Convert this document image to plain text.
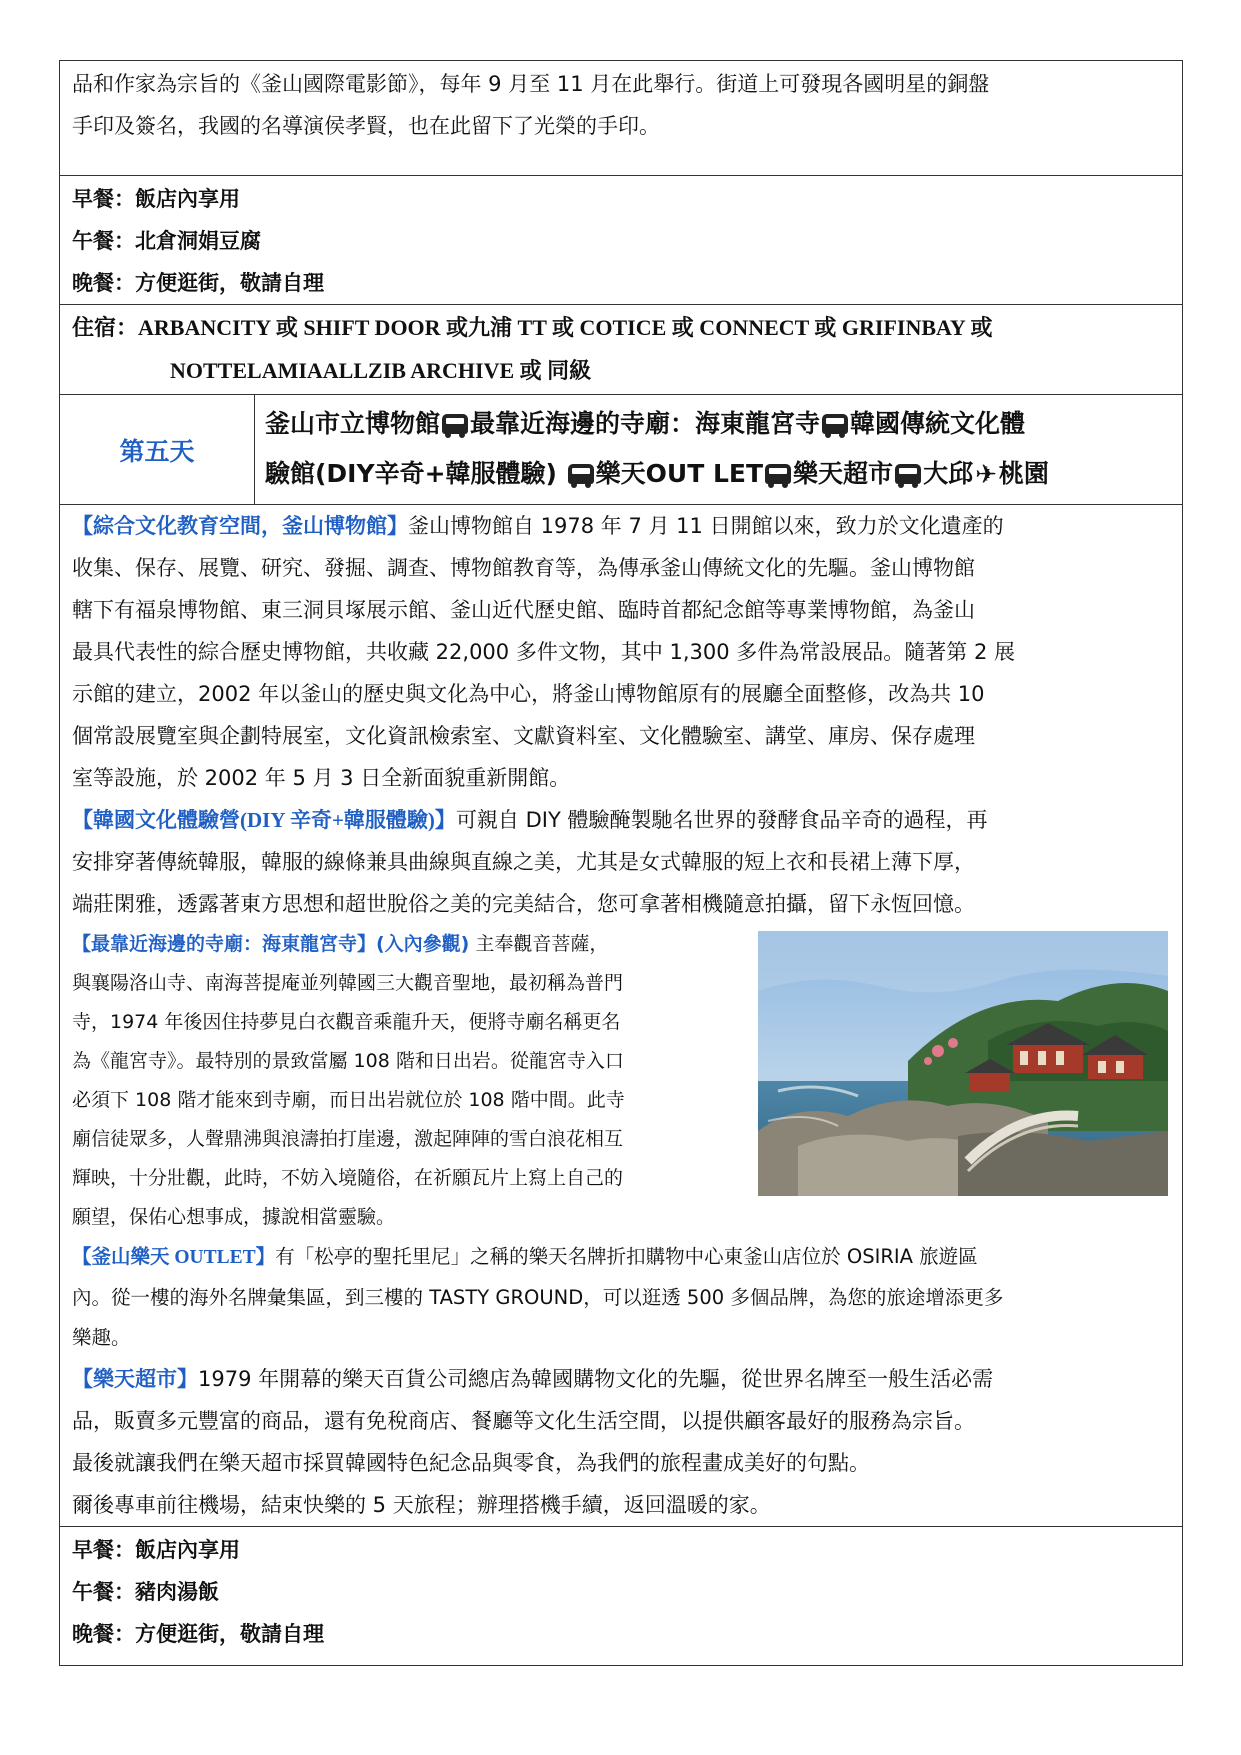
品和作家為宗旨的《釜山國際電影節》，每年 9 月至 11 月在此舉行。街道上可發現各國明星的銅盤

手印及簽名，我國的名導演侯孝賢，也在此留下了光榮的手印。

早餐：飯店內享用

午餐：北倉洞娟豆腐

晚餐：方便逛街，敬請自理

住宿：ARBANCITY 或 SHIFT DOOR 或九浦 TT 或 COTICE 或 CONNECT 或 GRIFINBAY 或

NOTTELAMIAALLZIB ARCHIVE 或 同級

第五天
釜山市立博物館 最靠近海邊的寺廟：海東龍宮寺 韓國傳統文化體
驗館(DIY辛奇+韓服體驗) 樂天OUT LET 樂天超市 大邱✈桃園

【綜合文化教育空間，釜山博物館】釜山博物館自 1978 年 7 月 11 日開館以來，致力於文化遺產的

收集、保存、展覽、研究、發掘、調查、博物館教育等，為傳承釜山傳統文化的先驅。釜山博物館

轄下有福泉博物館、東三洞貝塚展示館、釜山近代歷史館、臨時首都紀念館等專業博物館，為釜山

最具代表性的綜合歷史博物館，共收藏 22,000 多件文物，其中 1,300 多件為常設展品。隨著第 2 展

示館的建立，2002 年以釜山的歷史與文化為中心，將釜山博物館原有的展廳全面整修，改為共 10

個常設展覽室與企劃特展室，文化資訊檢索室、文獻資料室、文化體驗室、講堂、庫房、保存處理

室等設施，於 2002 年 5 月 3 日全新面貌重新開館。

【韓國文化體驗營(DIY 辛奇+韓服體驗)】可親自 DIY 體驗醃製馳名世界的發酵食品辛奇的過程，再

安排穿著傳統韓服，韓服的線條兼具曲線與直線之美，尤其是女式韓服的短上衣和長裙上薄下厚，

端莊閑雅，透露著東方思想和超世脫俗之美的完美結合，您可拿著相機隨意拍攝，留下永恆回憶。

【最靠近海邊的寺廟：海東龍宮寺】(入內參觀) 主奉觀音菩薩，

與襄陽洛山寺、南海菩提庵並列韓國三大觀音聖地，最初稱為普門

寺，1974 年後因住持夢見白衣觀音乘龍升天，便將寺廟名稱更名

為《龍宮寺》。最特別的景致當屬 108 階和日出岩。從龍宮寺入口

必須下 108 階才能來到寺廟，而日出岩就位於 108 階中間。此寺

廟信徒眾多，人聲鼎沸與浪濤拍打崖邊，激起陣陣的雪白浪花相互

輝映，十分壯觀，此時，不妨入境隨俗，在祈願瓦片上寫上自己的

願望，保佑心想事成，據說相當靈驗。

【釜山樂天 OUTLET】有「松亭的聖托里尼」之稱的樂天名牌折扣購物中心東釜山店位於 OSIRIA 旅遊區

內。從一樓的海外名牌彙集區，到三樓的 TASTY GROUND，可以逛透 500 多個品牌，為您的旅途增添更多

樂趣。

【樂天超市】1979 年開幕的樂天百貨公司總店為韓國購物文化的先驅，從世界名牌至一般生活必需

品，販賣多元豐富的商品，還有免稅商店、餐廳等文化生活空間，以提供顧客最好的服務為宗旨。

最後就讓我們在樂天超市採買韓國特色紀念品與零食，為我們的旅程畫成美好的句點。

爾後專車前往機場，結束快樂的 5 天旅程；辦理搭機手續，返回溫暖的家。

早餐：飯店內享用

午餐：豬肉湯飯

晚餐：方便逛街，敬請自理
